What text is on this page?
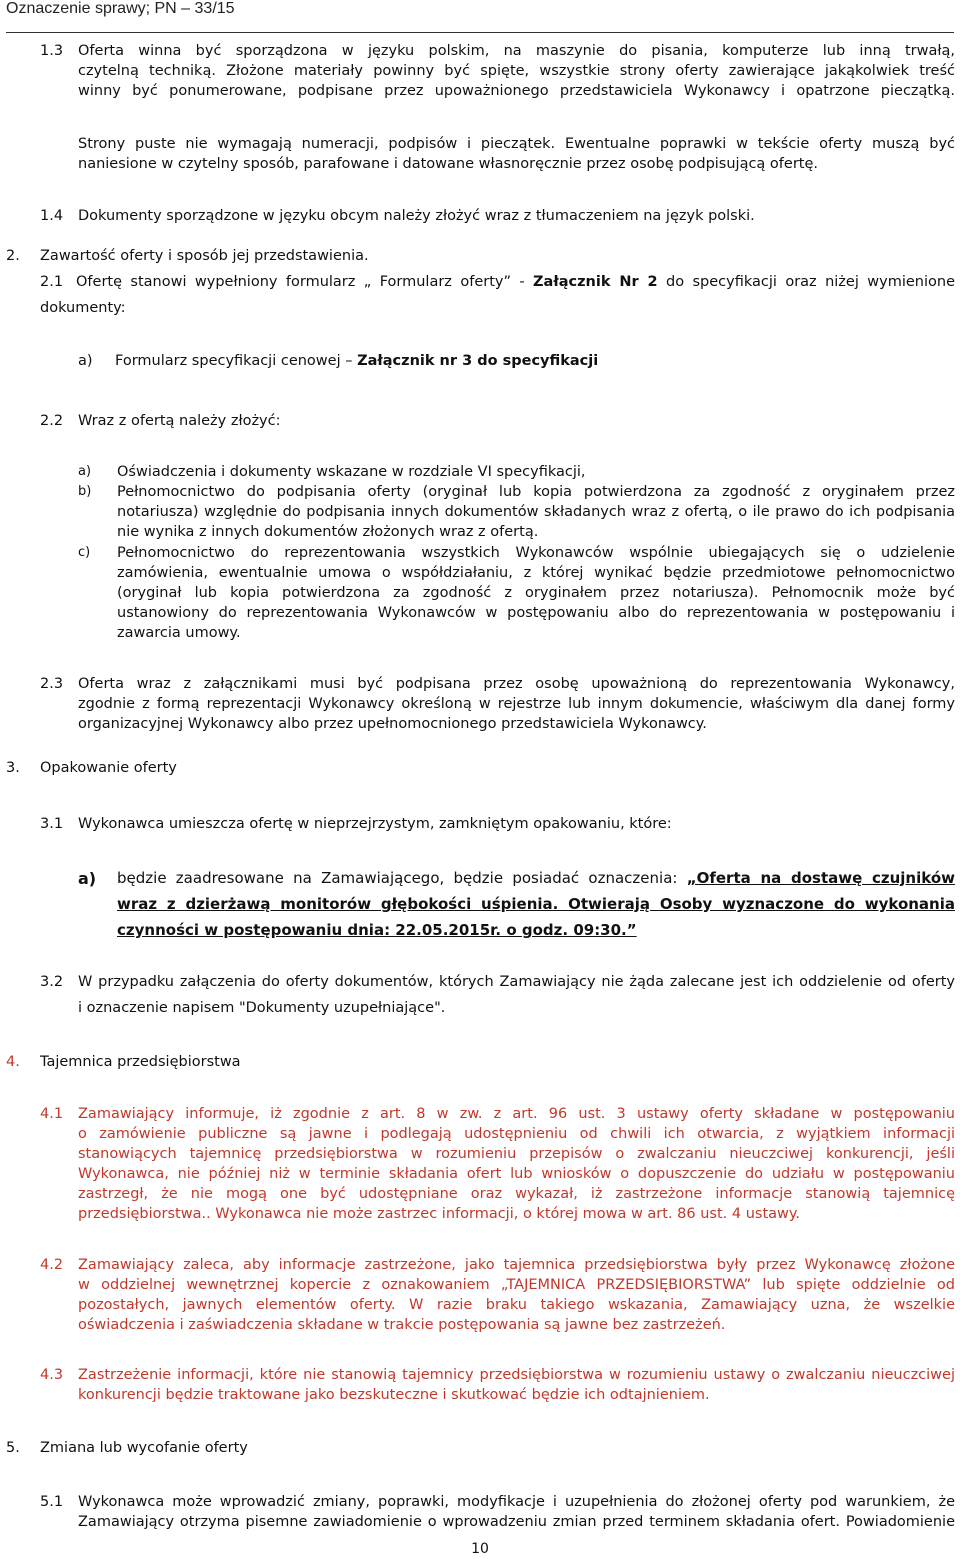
Oznaczenie sprawy; PN – 33/15
1.3 Oferta winna być sporządzona w języku polskim, na maszynie do pisania, komputerze lub inną trwałą,
czytelną techniką. Złożone materiały powinny być spięte, wszystkie strony oferty zawierające jakąkolwiek treść
winny być ponumerowane, podpisane przez upoważnionego przedstawiciela Wykonawcy i opatrzone pieczątką.
Strony puste nie wymagają numeracji, podpisów i pieczątek. Ewentualne poprawki w tekście oferty muszą być
naniesione w czytelny sposób, parafowane i datowane własnoręcznie przez osobę podpisującą ofertę.
1.4 Dokumenty sporządzone w języku obcym należy złożyć wraz z tłumaczeniem na język polski.
2. Zawartość oferty i sposób jej przedstawienia.
2.1 Ofertę stanowi wypełniony formularz „ Formularz oferty” - Załącznik Nr 2 do specyfikacji oraz niżej wymienione
dokumenty:
a) Formularz specyfikacji cenowej – Załącznik nr 3 do specyfikacji
2.2 Wraz z ofertą należy złożyć:
a) Oświadczenia i dokumenty wskazane w rozdziale VI specyfikacji,
b) Pełnomocnictwo do podpisania oferty (oryginał lub kopia potwierdzona za zgodność z oryginałem przez
notariusza) względnie do podpisania innych dokumentów składanych wraz z ofertą, o ile prawo do ich podpisania
nie wynika z innych dokumentów złożonych wraz z ofertą.
c) Pełnomocnictwo do reprezentowania wszystkich Wykonawców wspólnie ubiegających się o udzielenie
zamówienia, ewentualnie umowa o współdziałaniu, z której wynikać będzie przedmiotowe pełnomocnictwo
(oryginał lub kopia potwierdzona za zgodność z oryginałem przez notariusza). Pełnomocnik może być
ustanowiony do reprezentowania Wykonawców w postępowaniu albo do reprezentowania w postępowaniu i
zawarcia umowy.
2.3 Oferta wraz z załącznikami musi być podpisana przez osobę upoważnioną do reprezentowania Wykonawcy,
zgodnie z formą reprezentacji Wykonawcy określoną w rejestrze lub innym dokumencie, właściwym dla danej formy
organizacyjnej Wykonawcy albo przez upełnomocnionego przedstawiciela Wykonawcy.
3. Opakowanie oferty
3.1 Wykonawca umieszcza ofertę w nieprzejrzystym, zamkniętym opakowaniu, które:
a) będzie zaadresowane na Zamawiającego, będzie posiadać oznaczenia: „Oferta na dostawę czujników
wraz z dzierżawą monitorów głębokości uśpienia. Otwierają Osoby wyznaczone do wykonania
czynności w postępowaniu dnia: 22.05.2015r. o godz. 09:30.”
3.2 W przypadku załączenia do oferty dokumentów, których Zamawiający nie żąda zalecane jest ich oddzielenie od oferty
i oznaczenie napisem "Dokumenty uzupełniające".
4. Tajemnica przedsiębiorstwa
4.1 Zamawiający informuje, iż zgodnie z art. 8 w zw. z art. 96 ust. 3 ustawy oferty składane w postępowaniu
o zamówienie publiczne są jawne i podlegają udostępnieniu od chwili ich otwarcia, z wyjątkiem informacji
stanowiących tajemnicę przedsiębiorstwa w rozumieniu przepisów o zwalczaniu nieuczciwej konkurencji, jeśli
Wykonawca, nie później niż w terminie składania ofert lub wniosków o dopuszczenie do udziału w postępowaniu
zastrzegł, że nie mogą one być udostępniane oraz wykazał, iż zastrzeżone informacje stanowią tajemnicę
przedsiębiorstwa.. Wykonawca nie może zastrzec informacji, o której mowa w art. 86 ust. 4 ustawy.
4.2 Zamawiający zaleca, aby informacje zastrzeżone, jako tajemnica przedsiębiorstwa były przez Wykonawcę złożone
w oddzielnej wewnętrznej kopercie z oznakowaniem „TAJEMNICA PRZEDSIĘBIORSTWA” lub spięte oddzielnie od
pozostałych, jawnych elementów oferty. W razie braku takiego wskazania, Zamawiający uzna, że wszelkie
oświadczenia i zaświadczenia składane w trakcie postępowania są jawne bez zastrzeżeń.
4.3 Zastrzeżenie informacji, które nie stanowią tajemnicy przedsiębiorstwa w rozumieniu ustawy o zwalczaniu nieuczciwej
konkurencji będzie traktowane jako bezskuteczne i skutkować będzie ich odtajnieniem.
5. Zmiana lub wycofanie oferty
5.1 Wykonawca może wprowadzić zmiany, poprawki, modyfikacje i uzupełnienia do złożonej oferty pod warunkiem, że
Zamawiający otrzyma pisemne zawiadomienie o wprowadzeniu zmian przed terminem składania ofert. Powiadomienie
10
